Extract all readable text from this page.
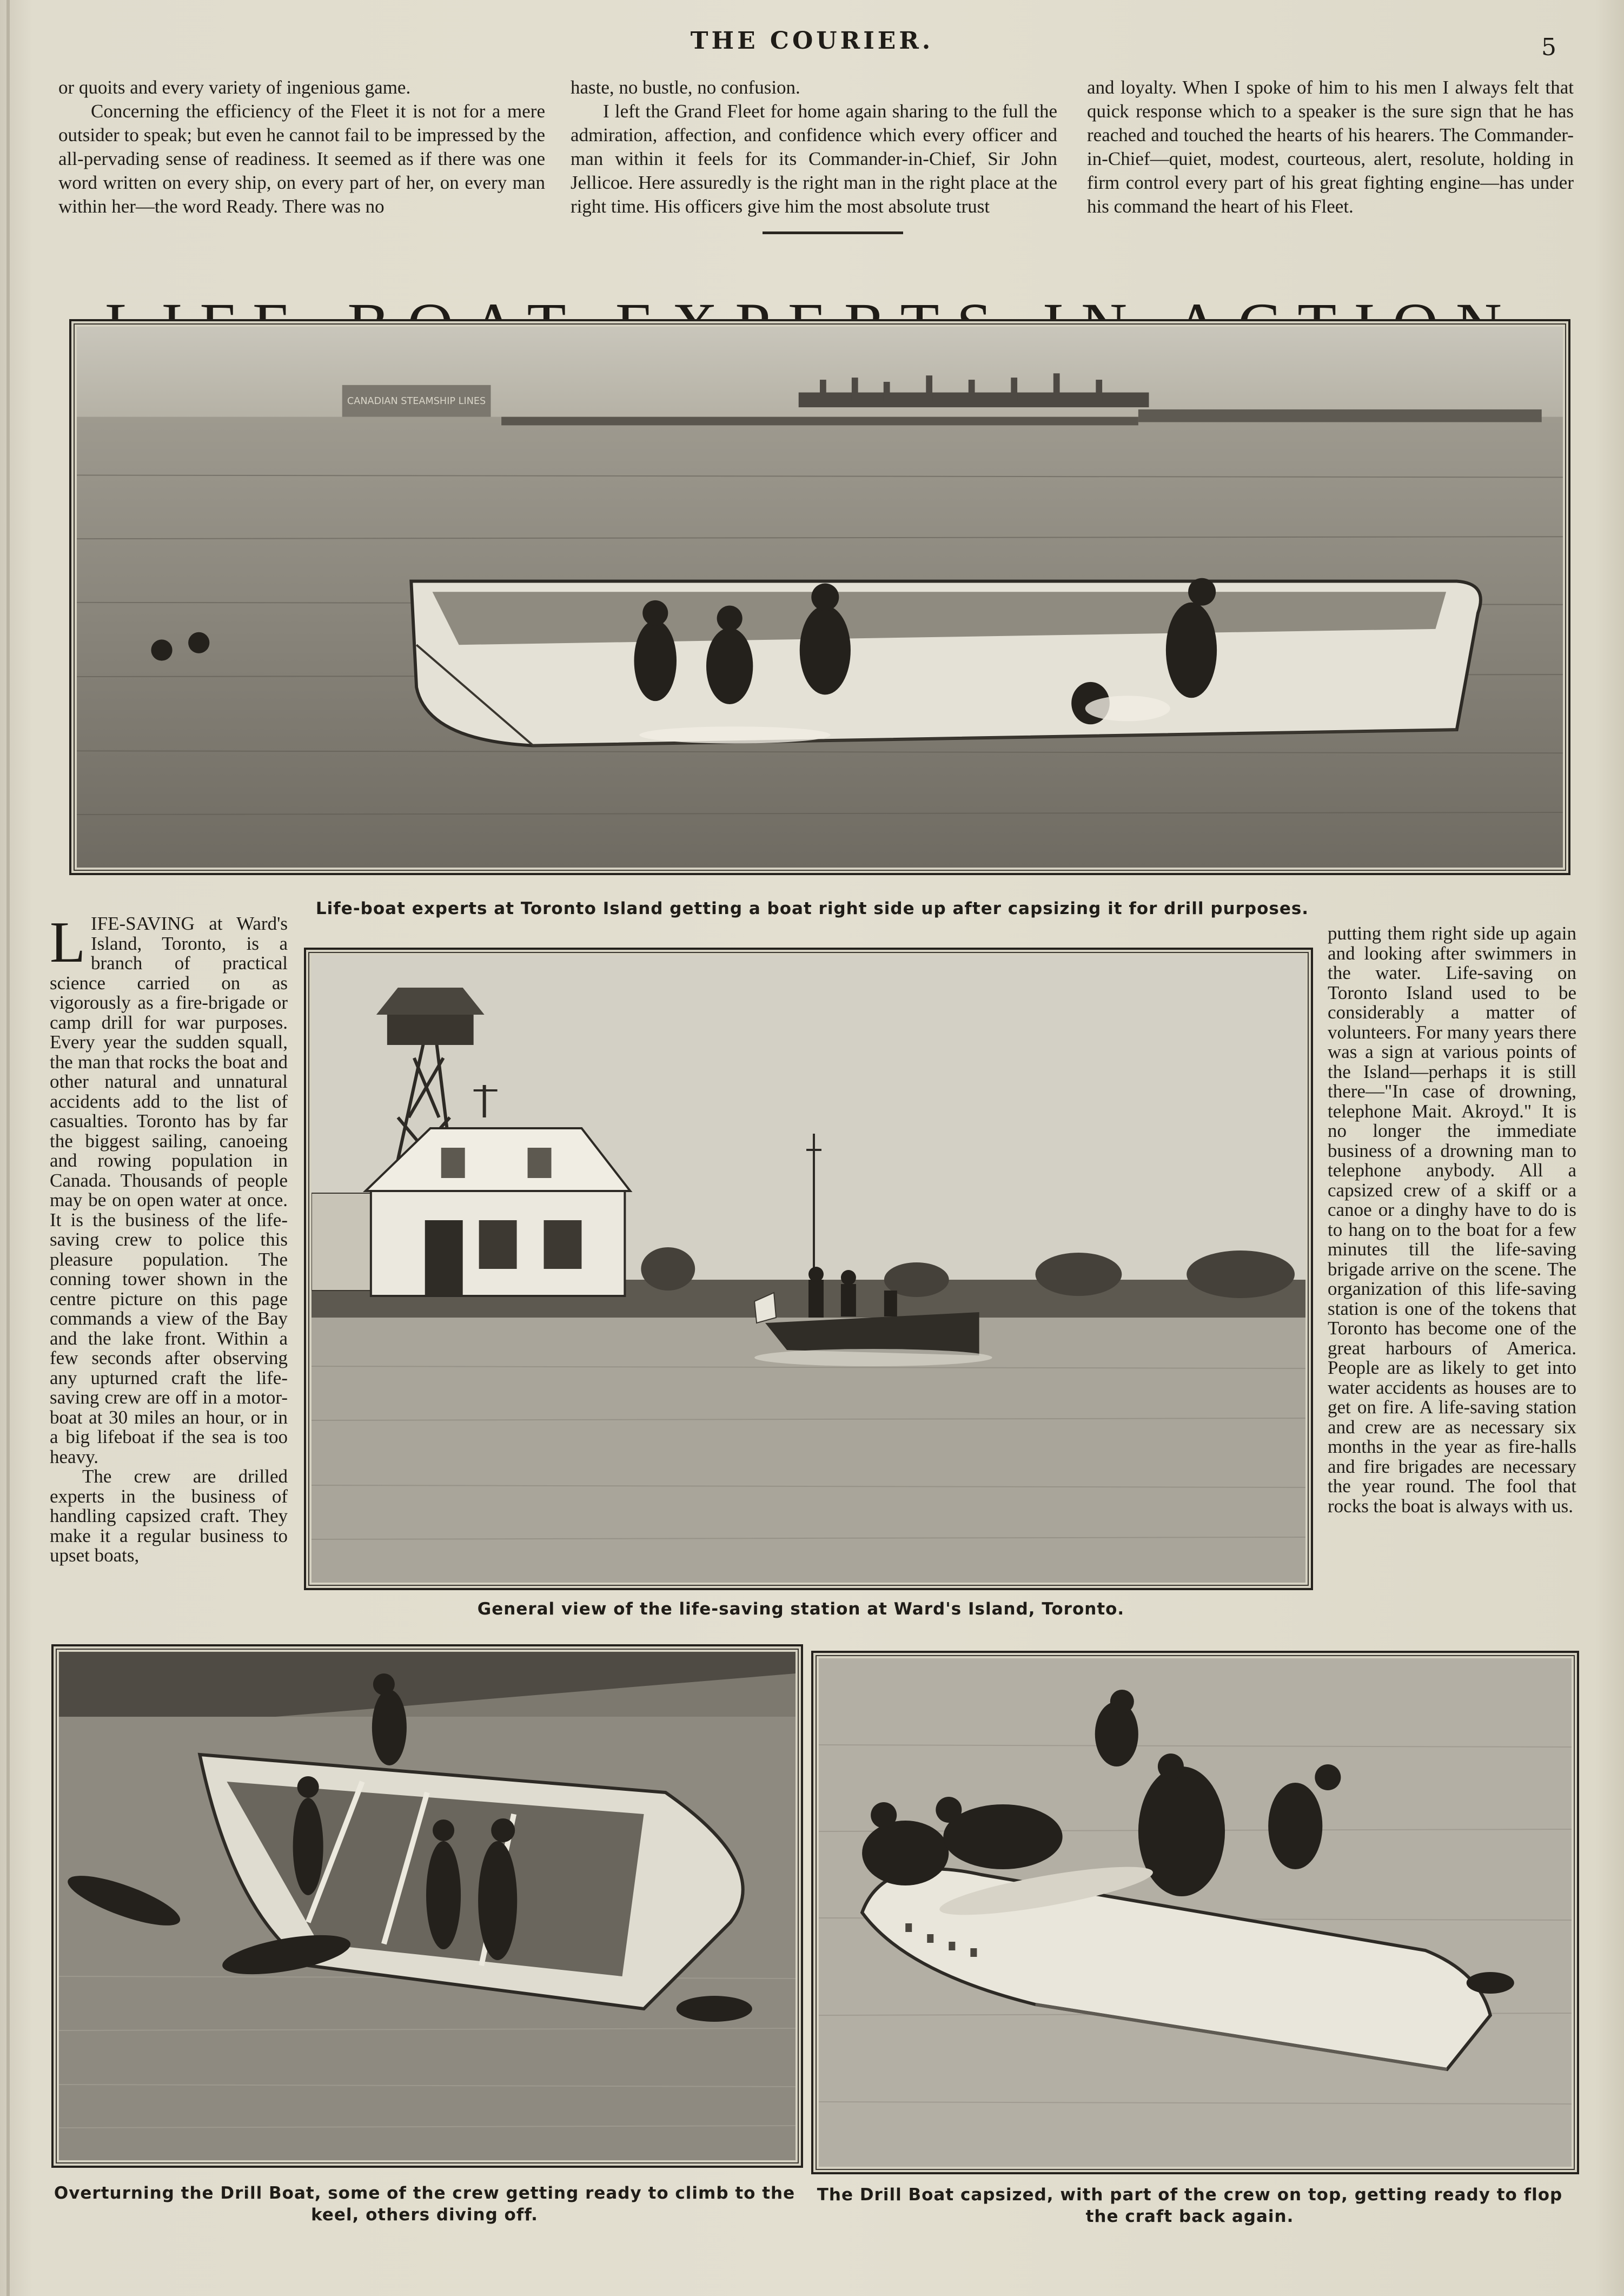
THE COURIER.	5

or quoits and every variety of ingenious game.

Concerning the efficiency of the Fleet it is not for a mere outsider to speak; but even he cannot fail to be impressed by the all-pervading sense of readiness. It seemed as if there was one word written on every ship, on every part of her, on every man within her—the word Ready. There was no

haste, no bustle, no confusion.

I left the Grand Fleet for home again sharing to the full the admiration, affection, and confidence which every officer and man within it feels for its Commander-in-Chief, Sir John Jellicoe. Here assuredly is the right man in the right place at the right time. His officers give him the most absolute trust

and loyalty. When I spoke of him to his men I always felt that quick response which to a speaker is the sure sign that he has reached and touched the hearts of his hearers. The Commander-in-Chief—quiet, modest, courteous, alert, resolute, holding in firm control every part of his great fighting engine—has under his command the heart of his Fleet.

CANADIAN STEAMSHIP LINES
Life-boat experts at Toronto Island getting a boat right side up after capsizing it for drill purposes.

LIFE-SAVING at Ward's Island, Toronto, is a branch of practical science carried on as vigorously as a fire-brigade or camp drill for war purposes. Every year the sudden squall, the man that rocks the boat and other natural and unnatural accidents add to the list of casualties. Toronto has by far the biggest sailing, canoeing and rowing population in Canada. Thousands of people may be on open water at once. It is the business of the life-saving crew to police this pleasure population. The conning tower shown in the centre picture on this page commands a view of the Bay and the lake front. Within a few seconds after observing any upturned craft the life-saving crew are off in a motor-boat at 30 miles an hour, or in a big lifeboat if the sea is too heavy.

The crew are drilled experts in the business of handling capsized craft. They make it a regular business to upset boats,

General view of the life-saving station at Ward's Island, Toronto.

putting them right side up again and looking after swimmers in the water. Life-saving on Toronto Island used to be considerably a matter of volunteers. For many years there was a sign at various points of the Island—perhaps it is still there—"In case of drowning, telephone Mait. Akroyd." It is no longer the immediate business of a drowning man to telephone anybody. All a capsized crew of a skiff or a canoe or a dinghy have to do is to hang on to the boat for a few minutes till the life-saving brigade arrive on the scene. The organization of this life-saving station is one of the tokens that Toronto has become one of the great harbours of America. People are as likely to get into water accidents as houses are to get on fire. A life-saving station and crew are as necessary six months in the year as fire-halls and fire brigades are necessary the year round. The fool that rocks the boat is always with us.

Overturning the Drill Boat, some of the crew getting ready to climb to the keel, others diving off.
The Drill Boat capsized, with part of the crew on top, getting ready to flop the craft back again.
